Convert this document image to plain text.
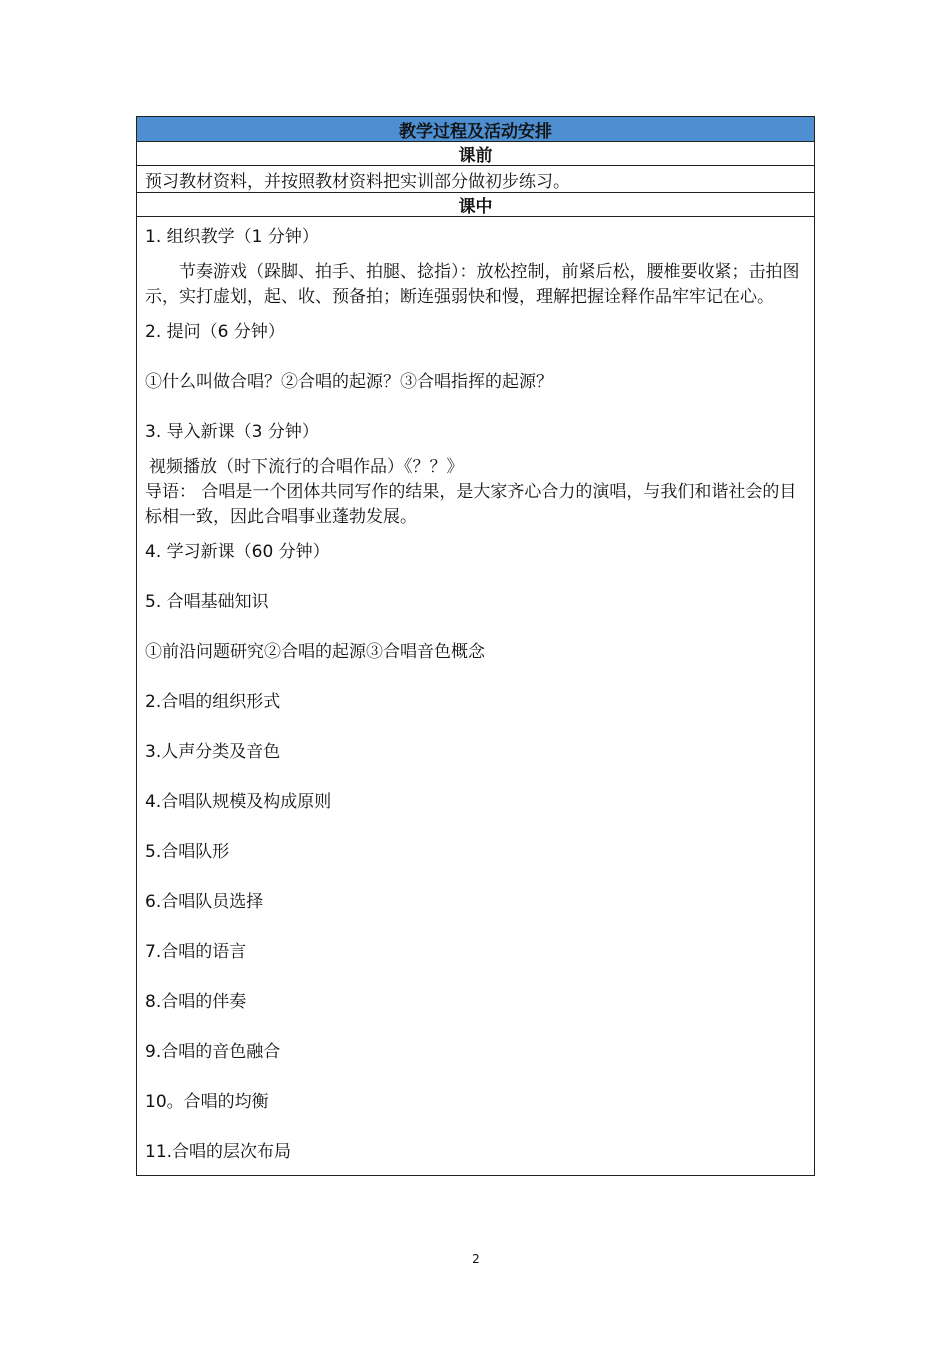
教学过程及活动安排
课前
预习教材资料，并按照教材资料把实训部分做初步练习。
课中

1. 组织教学（1 分钟）

节奏游戏（跺脚、拍手、拍腿、捻指）：放松控制，前紧后松，腰椎要收紧；击拍图示，实打虚划，起、收、预备拍；断连强弱快和慢，理解把握诠释作品牢牢记在心。

2. 提问（6 分钟）

①什么叫做合唱？②合唱的起源？③合唱指挥的起源？

3. 导入新课（3 分钟）

视频播放（时下流行的合唱作品）《？？》

导语： 合唱是一个团体共同写作的结果，是大家齐心合力的演唱，与我们和谐社会的目标相一致，因此合唱事业蓬勃发展。

4. 学习新课（60 分钟）

5. 合唱基础知识

①前沿问题研究②合唱的起源③合唱音色概念

2.合唱的组织形式

3.人声分类及音色

4.合唱队规模及构成原则

5.合唱队形

6.合唱队员选择

7.合唱的语言

8.合唱的伴奏

9.合唱的音色融合

10。合唱的均衡

11.合唱的层次布局

2
